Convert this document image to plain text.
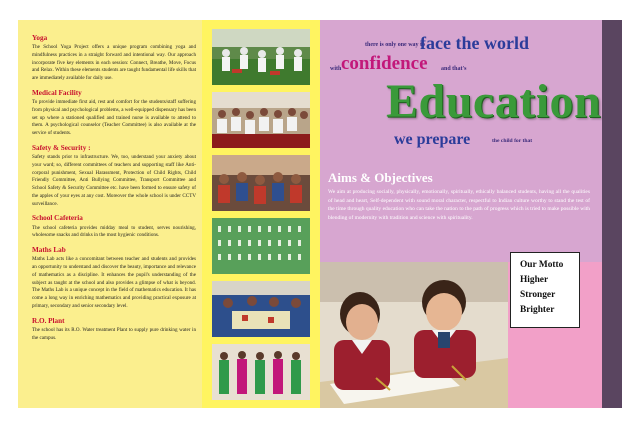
Yoga

The School Yoga Project offers a unique program combining yoga and mindfulness practices in a straight forward and intentional way. Our approach incorporate five key elements in each session: Connect, Breathe, Move, Focus and Relax. Within these elements students are taught fundamental life skills that are immediately available for daily use.

Medical Facility

To provide immediate first aid, rest and comfort for the students/staff suffering from physical and psychological problems, a well-equipped dispensary has been set up where a stationed qualified and trained nurse is available to attend to them. A psychological counselor (Teacher Committee) is also available at the service of students.

Safety & Security :

Safety stands prior to infrastructure. We, too, understand your anxiety about your ward; so, different committees of teachers and supporting staff like Anti-corporal punishment, Sexual Harassment, Protection of Child Rights, Child Friendly Committee, Anti Bullying Committee, Transport Committee and School Safety & Security Committee etc. have been formed to ensure safety of the apples of your eyes at any cost. Moreover the whole school is under CCTV surveillance.

School Cafeteria

The school cafeteria provides midday meal to student, serves nourishing, wholesome snacks and drinks in the most hygienic conditions.

Maths Lab

Maths Lab acts like a concomitant between teacher and students and provides an opportunity to understand and discover the beauty, importance and relevance of mathematics as a discipline. It enhances the pupil's understanding of the subject as taught at the school and also provides a glimpse of what is beyond. The Maths Lab is a unique concept in the field of mathematics education. It has come a long way in enriching mathematics and providing practical exposure at primary, secondary and senior secondary level.

R.O. Plant

The school has its R.O. Water treatment Plant to supply pure drinking water in the campus.

there is only one way to
face the world
with confidence and that's
Education
we prepare	the child for that
Aims & Objectives
We aim at producing socially, physically, emotionally, spiritually, ethically balanced students, having all the qualities of head and heart, Self-dependent with sound moral character, respectful to Indian culture worthy to stand the test of the time through quality education who can take the nation to the path of progress which is tried to make possible with blending of modernity with tradition and science with spirituality.
Our Motto
Higher
Stronger
Brighter
